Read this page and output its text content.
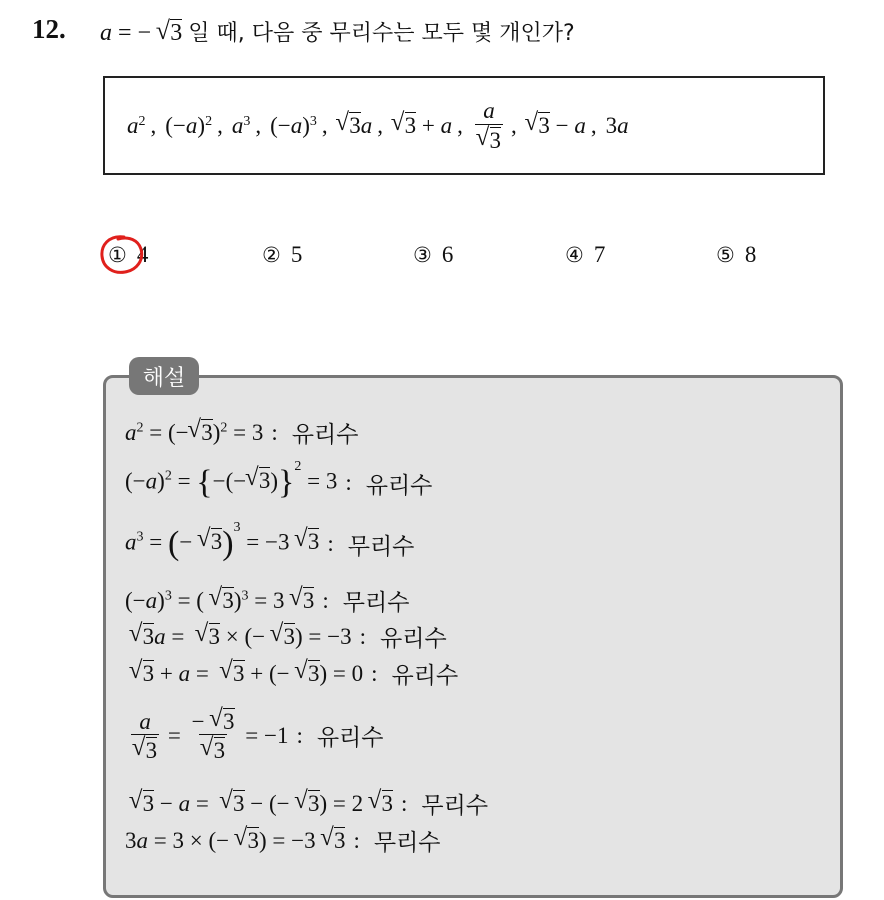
12. a = − √ 3 일 때, 다음 중 무리수는 모두 몇 개인가?
$a^2$ , (− a )$^2$ , $a^3$ , (− a )$^3$ , √ 3 a , √ 3 + a , a
√ 3 , √ 3 − a , 3 a
① 4	② 5	③ 6	④ 7	⑤ 8
해설
$a^2$ = (− √ 3)$^2$ = 3 : 유리수
$(-a)^2$ = {−(− √ 3)}$^2$ = 3 : 유리수
$a^3$ = (− √ 3)$^3$ = −3 √ 3 : 무리수
$(-a)^3$ = ( √ 3)$^3$ = 3 √ 3 : 무리수
√ 3a =  √ 3 × (− √ 3) = −3 : 유리수
√ 3 + a =  √ 3 + (− √ 3) = 0 : 유리수
a
√ 3 = − √ 3
√ 3 = −1 : 유리수
√ 3 − a =  √ 3 − (− √ 3) = 2 √ 3 : 무리수
3a = 3 × (− √ 3) = −3 √ 3 : 무리수
